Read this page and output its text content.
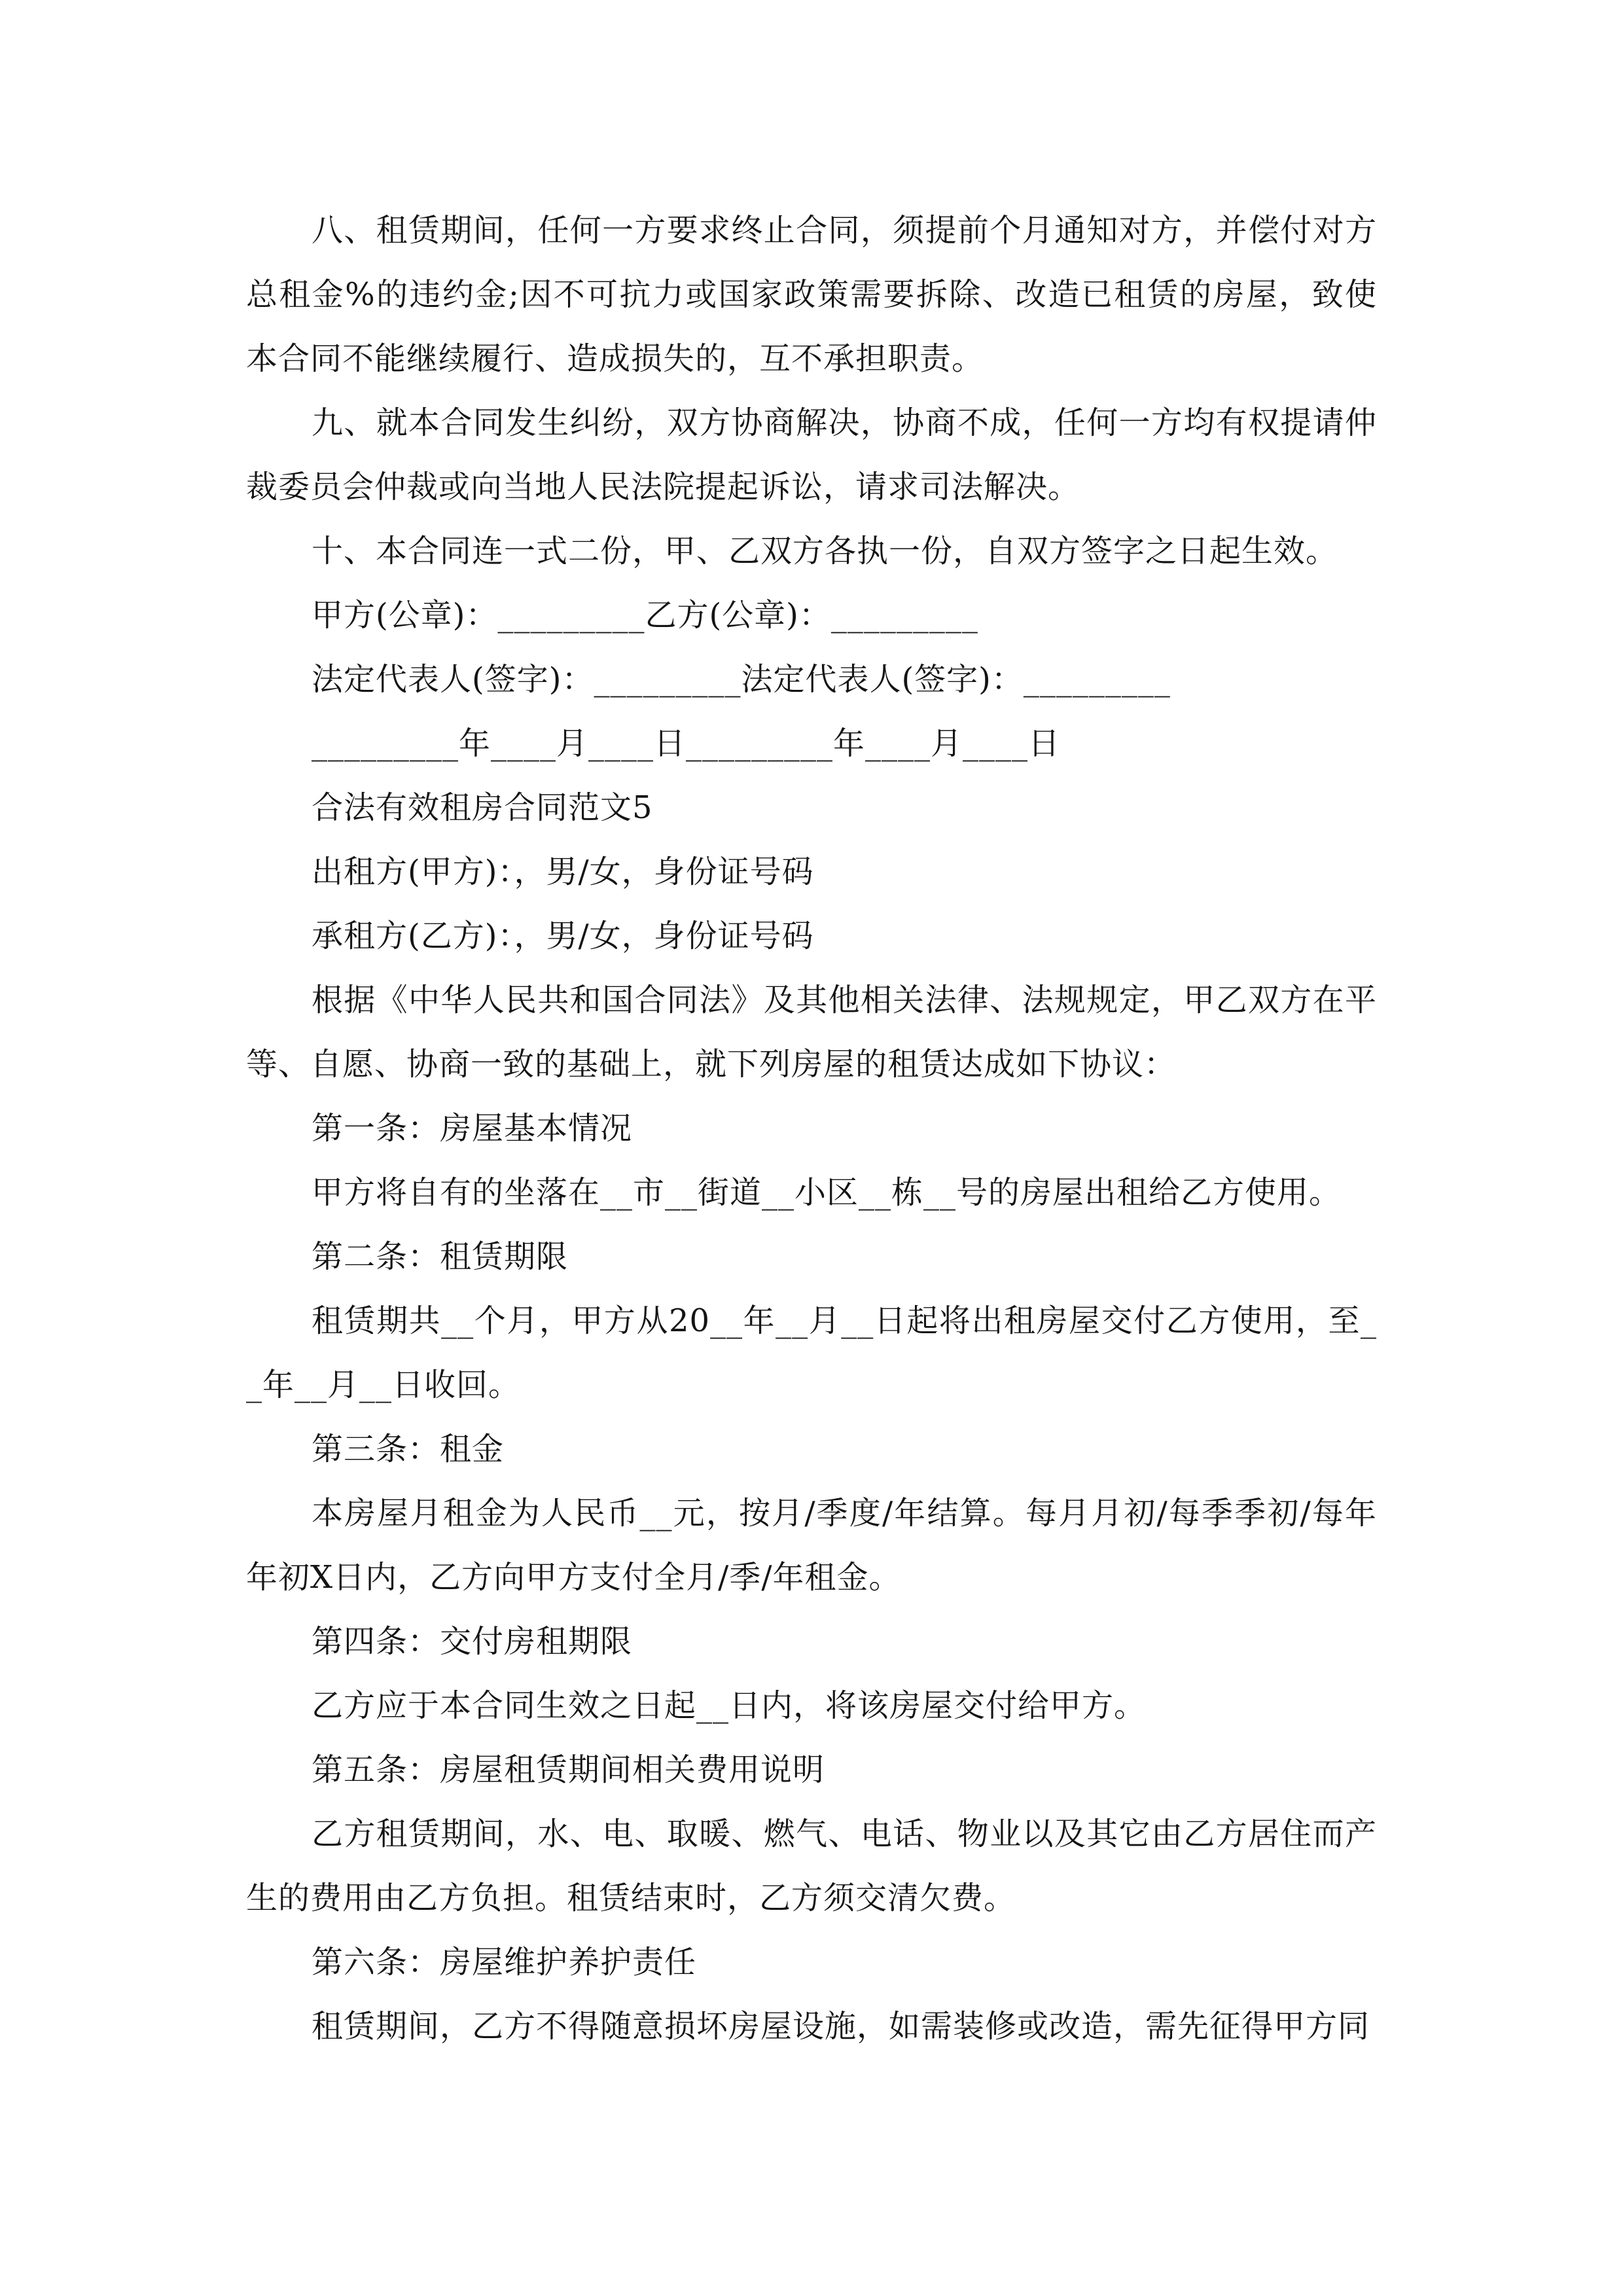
八、租赁期间，任何一方要求终止合同，须提前个月通知对方，并偿付对方总租金%的违约金;因不可抗力或国家政策需要拆除、改造已租赁的房屋，致使本合同不能继续履行、造成损失的，互不承担职责。

九、就本合同发生纠纷，双方协商解决，协商不成，任何一方均有权提请仲裁委员会仲裁或向当地人民法院提起诉讼，请求司法解决。

十、本合同连一式二份，甲、乙双方各执一份，自双方签字之日起生效。

甲方(公章)：_________乙方(公章)：_________

法定代表人(签字)：_________法定代表人(签字)：_________

_________年____月____日_________年____月____日

合法有效租房合同范文5

出租方(甲方)：，男/女，身份证号码

承租方(乙方)：，男/女，身份证号码

根据《中华人民共和国合同法》及其他相关法律、法规规定，甲乙双方在平等、自愿、协商一致的基础上，就下列房屋的租赁达成如下协议：

第一条：房屋基本情况

甲方将自有的坐落在__市__街道__小区__栋__号的房屋出租给乙方使用。

第二条：租赁期限

租赁期共__个月，甲方从20__年__月__日起将出租房屋交付乙方使用，至__年__月__日收回。

第三条：租金

本房屋月租金为人民币__元，按月/季度/年结算。每月月初/每季季初/每年年初X日内，乙方向甲方支付全月/季/年租金。

第四条：交付房租期限

乙方应于本合同生效之日起__日内，将该房屋交付给甲方。

第五条：房屋租赁期间相关费用说明

乙方租赁期间，水、电、取暖、燃气、电话、物业以及其它由乙方居住而产生的费用由乙方负担。租赁结束时，乙方须交清欠费。

第六条：房屋维护养护责任

租赁期间，乙方不得随意损坏房屋设施，如需装修或改造，需先征得甲方同
